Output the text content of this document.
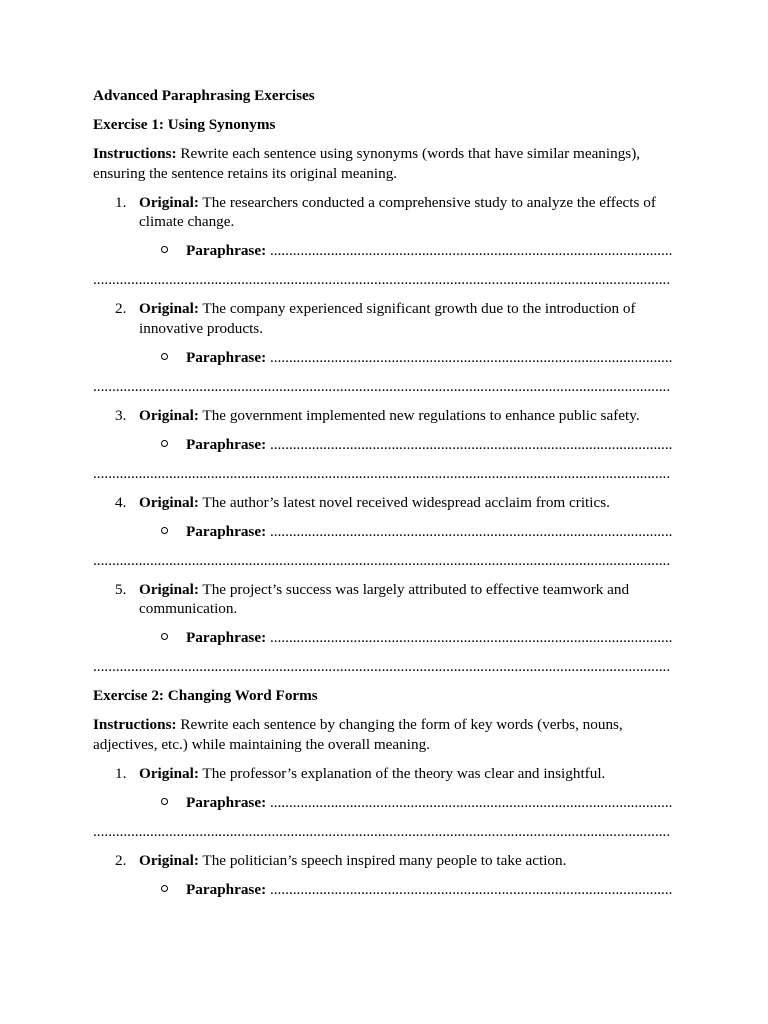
Advanced Paraphrasing Exercises
Exercise 1: Using Synonyms
Instructions: Rewrite each sentence using synonyms (words that have similar meanings), ensuring the sentence retains its original meaning.
1. Original: The researchers conducted a comprehensive study to analyze the effects of climate change.
Paraphrase: ..........................................................................................................
........................................................................................................................................................
2. Original: The company experienced significant growth due to the introduction of innovative products.
Paraphrase: ..........................................................................................................
........................................................................................................................................................
3. Original: The government implemented new regulations to enhance public safety.
Paraphrase: ..........................................................................................................
........................................................................................................................................................
4. Original: The author’s latest novel received widespread acclaim from critics.
Paraphrase: ..........................................................................................................
........................................................................................................................................................
5. Original: The project’s success was largely attributed to effective teamwork and communication.
Paraphrase: ..........................................................................................................
........................................................................................................................................................
Exercise 2: Changing Word Forms
Instructions: Rewrite each sentence by changing the form of key words (verbs, nouns, adjectives, etc.) while maintaining the overall meaning.
1. Original: The professor’s explanation of the theory was clear and insightful.
Paraphrase: ..........................................................................................................
........................................................................................................................................................
2. Original: The politician’s speech inspired many people to take action.
Paraphrase: ..........................................................................................................
